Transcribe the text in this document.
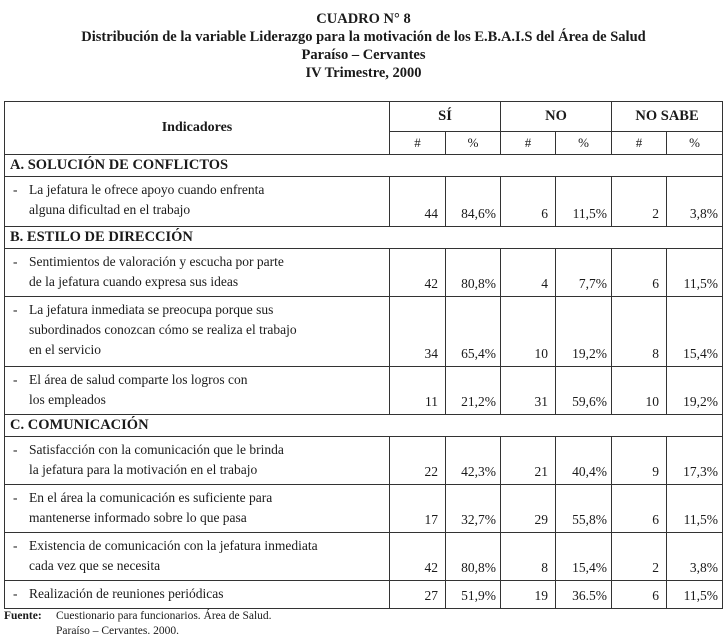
CUADRO N° 8
Distribución de la variable Liderazgo para la motivación de los E.B.A.I.S del Área de Salud
Paraíso – Cervantes
IV Trimestre, 2000
Indicadores	SÍ		NO		NO SABE	
	#	%	#	%	#	%
A. SOLUCIÓN DE CONFLICTOS						

- La jefatura le ofrece apoyo cuando enfrenta
alguna dificultad en el trabajo	44	84,6%	6	11,5%	2	3,8%
B. ESTILO DE DIRECCIÓN						

- Sentimientos de valoración y escucha por parte
de la jefatura cuando expresa sus ideas	42	80,8%	4	7,7%	6	11,5%

- La jefatura inmediata se preocupa porque sus
subordinados conozcan cómo se realiza el trabajo
en el servicio	34	65,4%	10	19,2%	8	15,4%

- El área de salud comparte los logros con
los empleados	11	21,2%	31	59,6%	10	19,2%
C. COMUNICACIÓN						

- Satisfacción con la comunicación que le brinda
la jefatura para la motivación en el trabajo	22	42,3%	21	40,4%	9	17,3%

- En el área la comunicación es suficiente para
mantenerse informado sobre lo que pasa	17	32,7%	29	55,8%	6	11,5%

- Existencia de comunicación con la jefatura inmediata
cada vez que se necesita	42	80,8%	8	15,4%	2	3,8%

- Realización de reuniones periódicas	27	51,9%	19	36.5%	6	11,5%
Fuente: Cuestionario para funcionarios. Área de Salud.
Paraíso – Cervantes. 2000.
